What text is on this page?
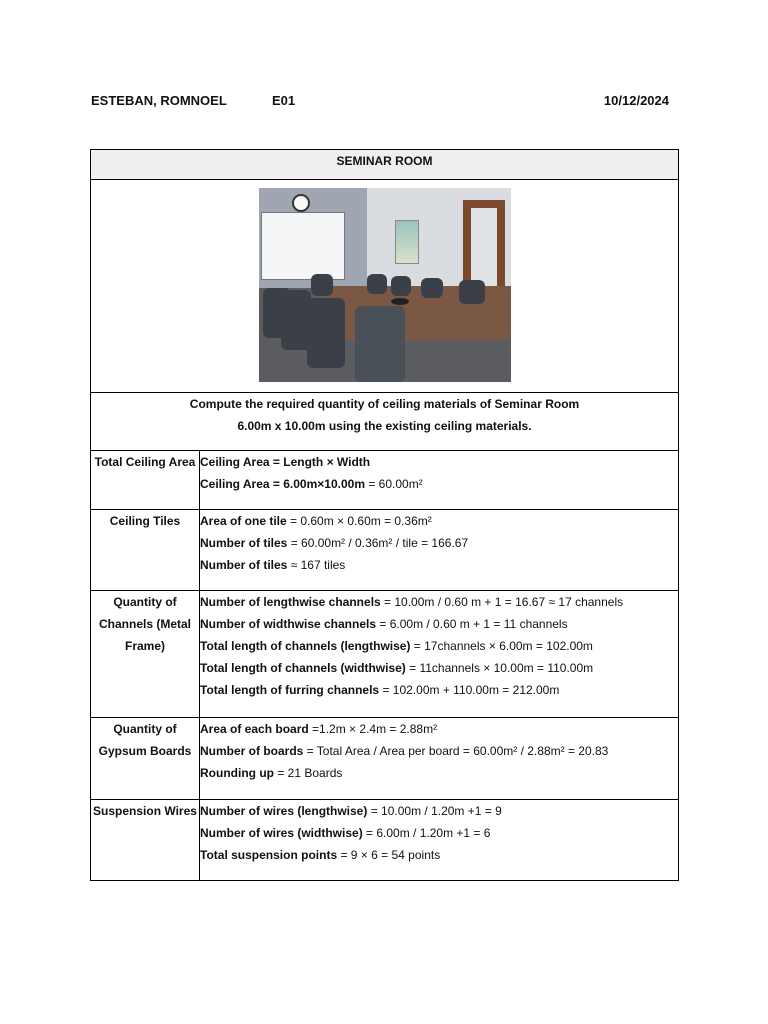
ESTEBAN, ROMNOEL	E01	10/12/2024
SEMINAR ROOM	

Compute the required quantity of ceiling materials of Seminar Room
6.00m x 10.00m using the existing ceiling materials.	

Total Ceiling Area	Ceiling Area = Length × Width
Ceiling Area = 6.00m×10.00m = 60.00m²

Ceiling Tiles	Area of one tile = 0.60m × 0.60m = 0.36m²
Number of tiles = 60.00m² / 0.36m² / tile = 166.67
Number of tiles ≈ 167 tiles

Quantity of Channels (Metal Frame)	Number of lengthwise channels = 10.00m / 0.60 m + 1 = 16.67 ≈ 17 channels
Number of widthwise channels = 6.00m / 0.60 m + 1 = 11 channels
Total length of channels (lengthwise) = 17channels × 6.00m = 102.00m
Total length of channels (widthwise) = 11channels × 10.00m = 110.00m
Total length of furring channels = 102.00m + 110.00m = 212.00m

Quantity of Gypsum Boards	Area of each board =1.2m × 2.4m = 2.88m²
Number of boards = Total Area / Area per board = 60.00m² / 2.88m² = 20.83
Rounding up = 21 Boards

Suspension Wires	Number of wires (lengthwise) = 10.00m / 1.20m +1 = 9
Number of wires (widthwise) = 6.00m / 1.20m +1 = 6
Total suspension points = 9 × 6 = 54 points
